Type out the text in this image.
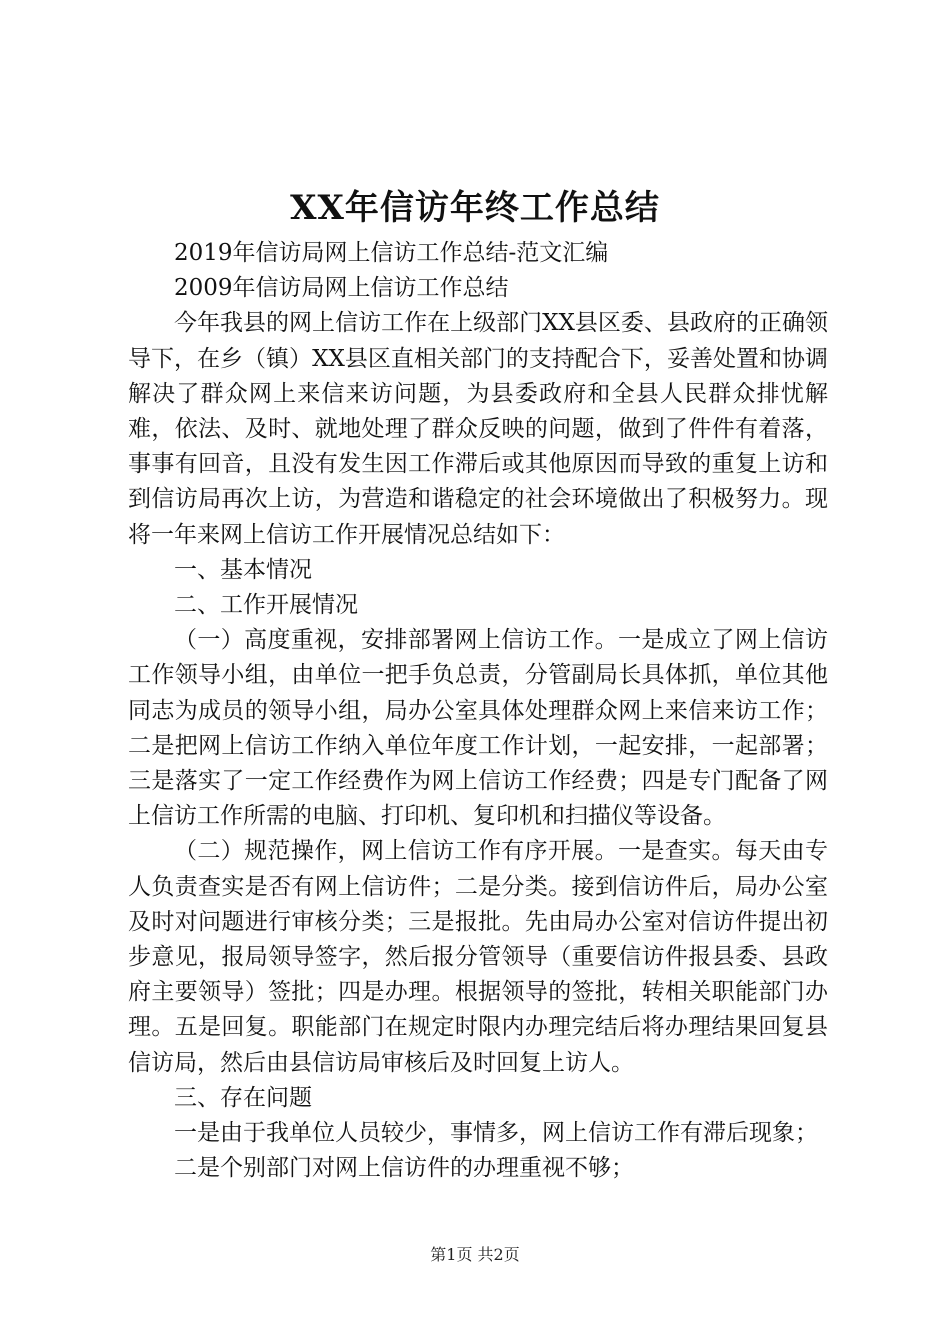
XX年信访年终工作总结

2019年信访局网上信访工作总结-范文汇编

2009年信访局网上信访工作总结

今年我县的网上信访工作在上级部门XX县区委、县政府的正确领导下，在乡（镇）XX县区直相关部门的支持配合下，妥善处置和协调解决了群众网上来信来访问题，为县委政府和全县人民群众排忧解难，依法、及时、就地处理了群众反映的问题，做到了件件有着落，事事有回音，且没有发生因工作滞后或其他原因而导致的重复上访和到信访局再次上访，为营造和谐稳定的社会环境做出了积极努力。现将一年来网上信访工作开展情况总结如下：

一、基本情况

二、工作开展情况

（一）高度重视，安排部署网上信访工作。一是成立了网上信访工作领导小组，由单位一把手负总责，分管副局长具体抓，单位其他同志为成员的领导小组，局办公室具体处理群众网上来信来访工作；二是把网上信访工作纳入单位年度工作计划，一起安排，一起部署；三是落实了一定工作经费作为网上信访工作经费；四是专门配备了网上信访工作所需的电脑、打印机、复印机和扫描仪等设备。

（二）规范操作，网上信访工作有序开展。一是查实。每天由专人负责查实是否有网上信访件；二是分类。接到信访件后，局办公室及时对问题进行审核分类；三是报批。先由局办公室对信访件提出初步意见，报局领导签字，然后报分管领导（重要信访件报县委、县政府主要领导）签批；四是办理。根据领导的签批，转相关职能部门办理。五是回复。职能部门在规定时限内办理完结后将办理结果回复县信访局，然后由县信访局审核后及时回复上访人。

三、存在问题

一是由于我单位人员较少，事情多，网上信访工作有滞后现象；

二是个别部门对网上信访件的办理重视不够；

第1页 共2页
